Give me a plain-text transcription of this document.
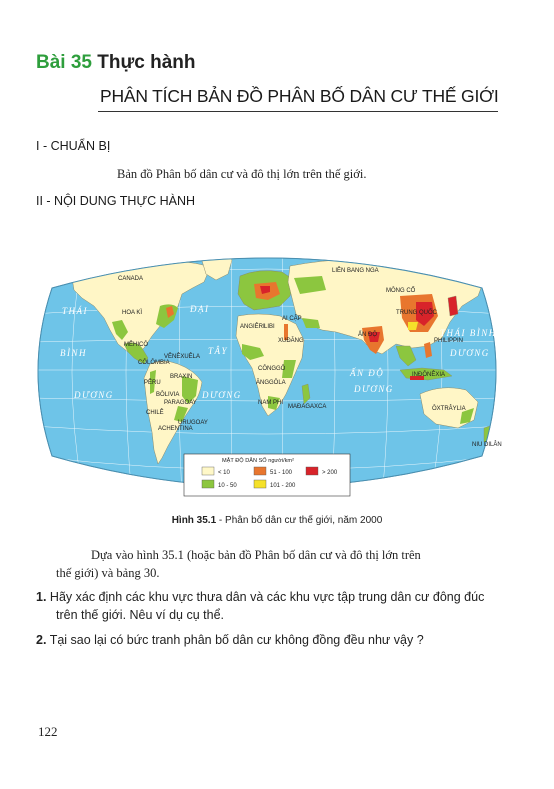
Bài 35 Thực hành
PHÂN TÍCH BẢN ĐỒ PHÂN BỐ DÂN CƯ THẾ GIỚI
I - CHUẨN BỊ
Bản đồ Phân bố dân cư và đô thị lớn trên thế giới.
II - NỘI DUNG THỰC HÀNH
THÁI
BÌNH
DƯƠNG
ĐẠI
TÂY
DƯƠNG
ẤN ĐỘ
DƯƠNG
THÁI BÌNH
DƯƠNG
CANADA
HOA KÌ
MÊHICÔ
CÔLÔMBIA
VÊNÊXUÊLA
BRAXIN
PÊRU
BÔLIVIA
PARAGOAY
CHILÊ
ACHENTINA
URUGOAY
LIÊN BANG NGA
MÔNG CỔ
TRUNG QUỐC
ẤN ĐỘ
PHILIPPIN
INĐÔNÊXIA
ÔXTRÂYLIA
NIU DILÂN
ANGIÊRI LIBI
AI CẬP
XUĐĂNG
CÔNGGÔ
ĂNGGÔLA
NAM PHI
MAĐAGAXCA
MẬT ĐỘ DÂN SỐ người/km²
< 10	51 - 100	> 200
10 - 50	101 - 200
Hình 35.1 - Phân bố dân cư thế giới, năm 2000
Dựa vào hình 35.1 (hoặc bản đồ Phân bố dân cư và đô thị lớn trên
thế giới) và bảng 30.
1. Hãy xác định các khu vực thưa dân và các khu vực tập trung dân cư đông đúc
trên thế giới. Nêu ví dụ cụ thể.
2. Tại sao lại có bức tranh phân bố dân cư không đồng đều như vậy ?
122
